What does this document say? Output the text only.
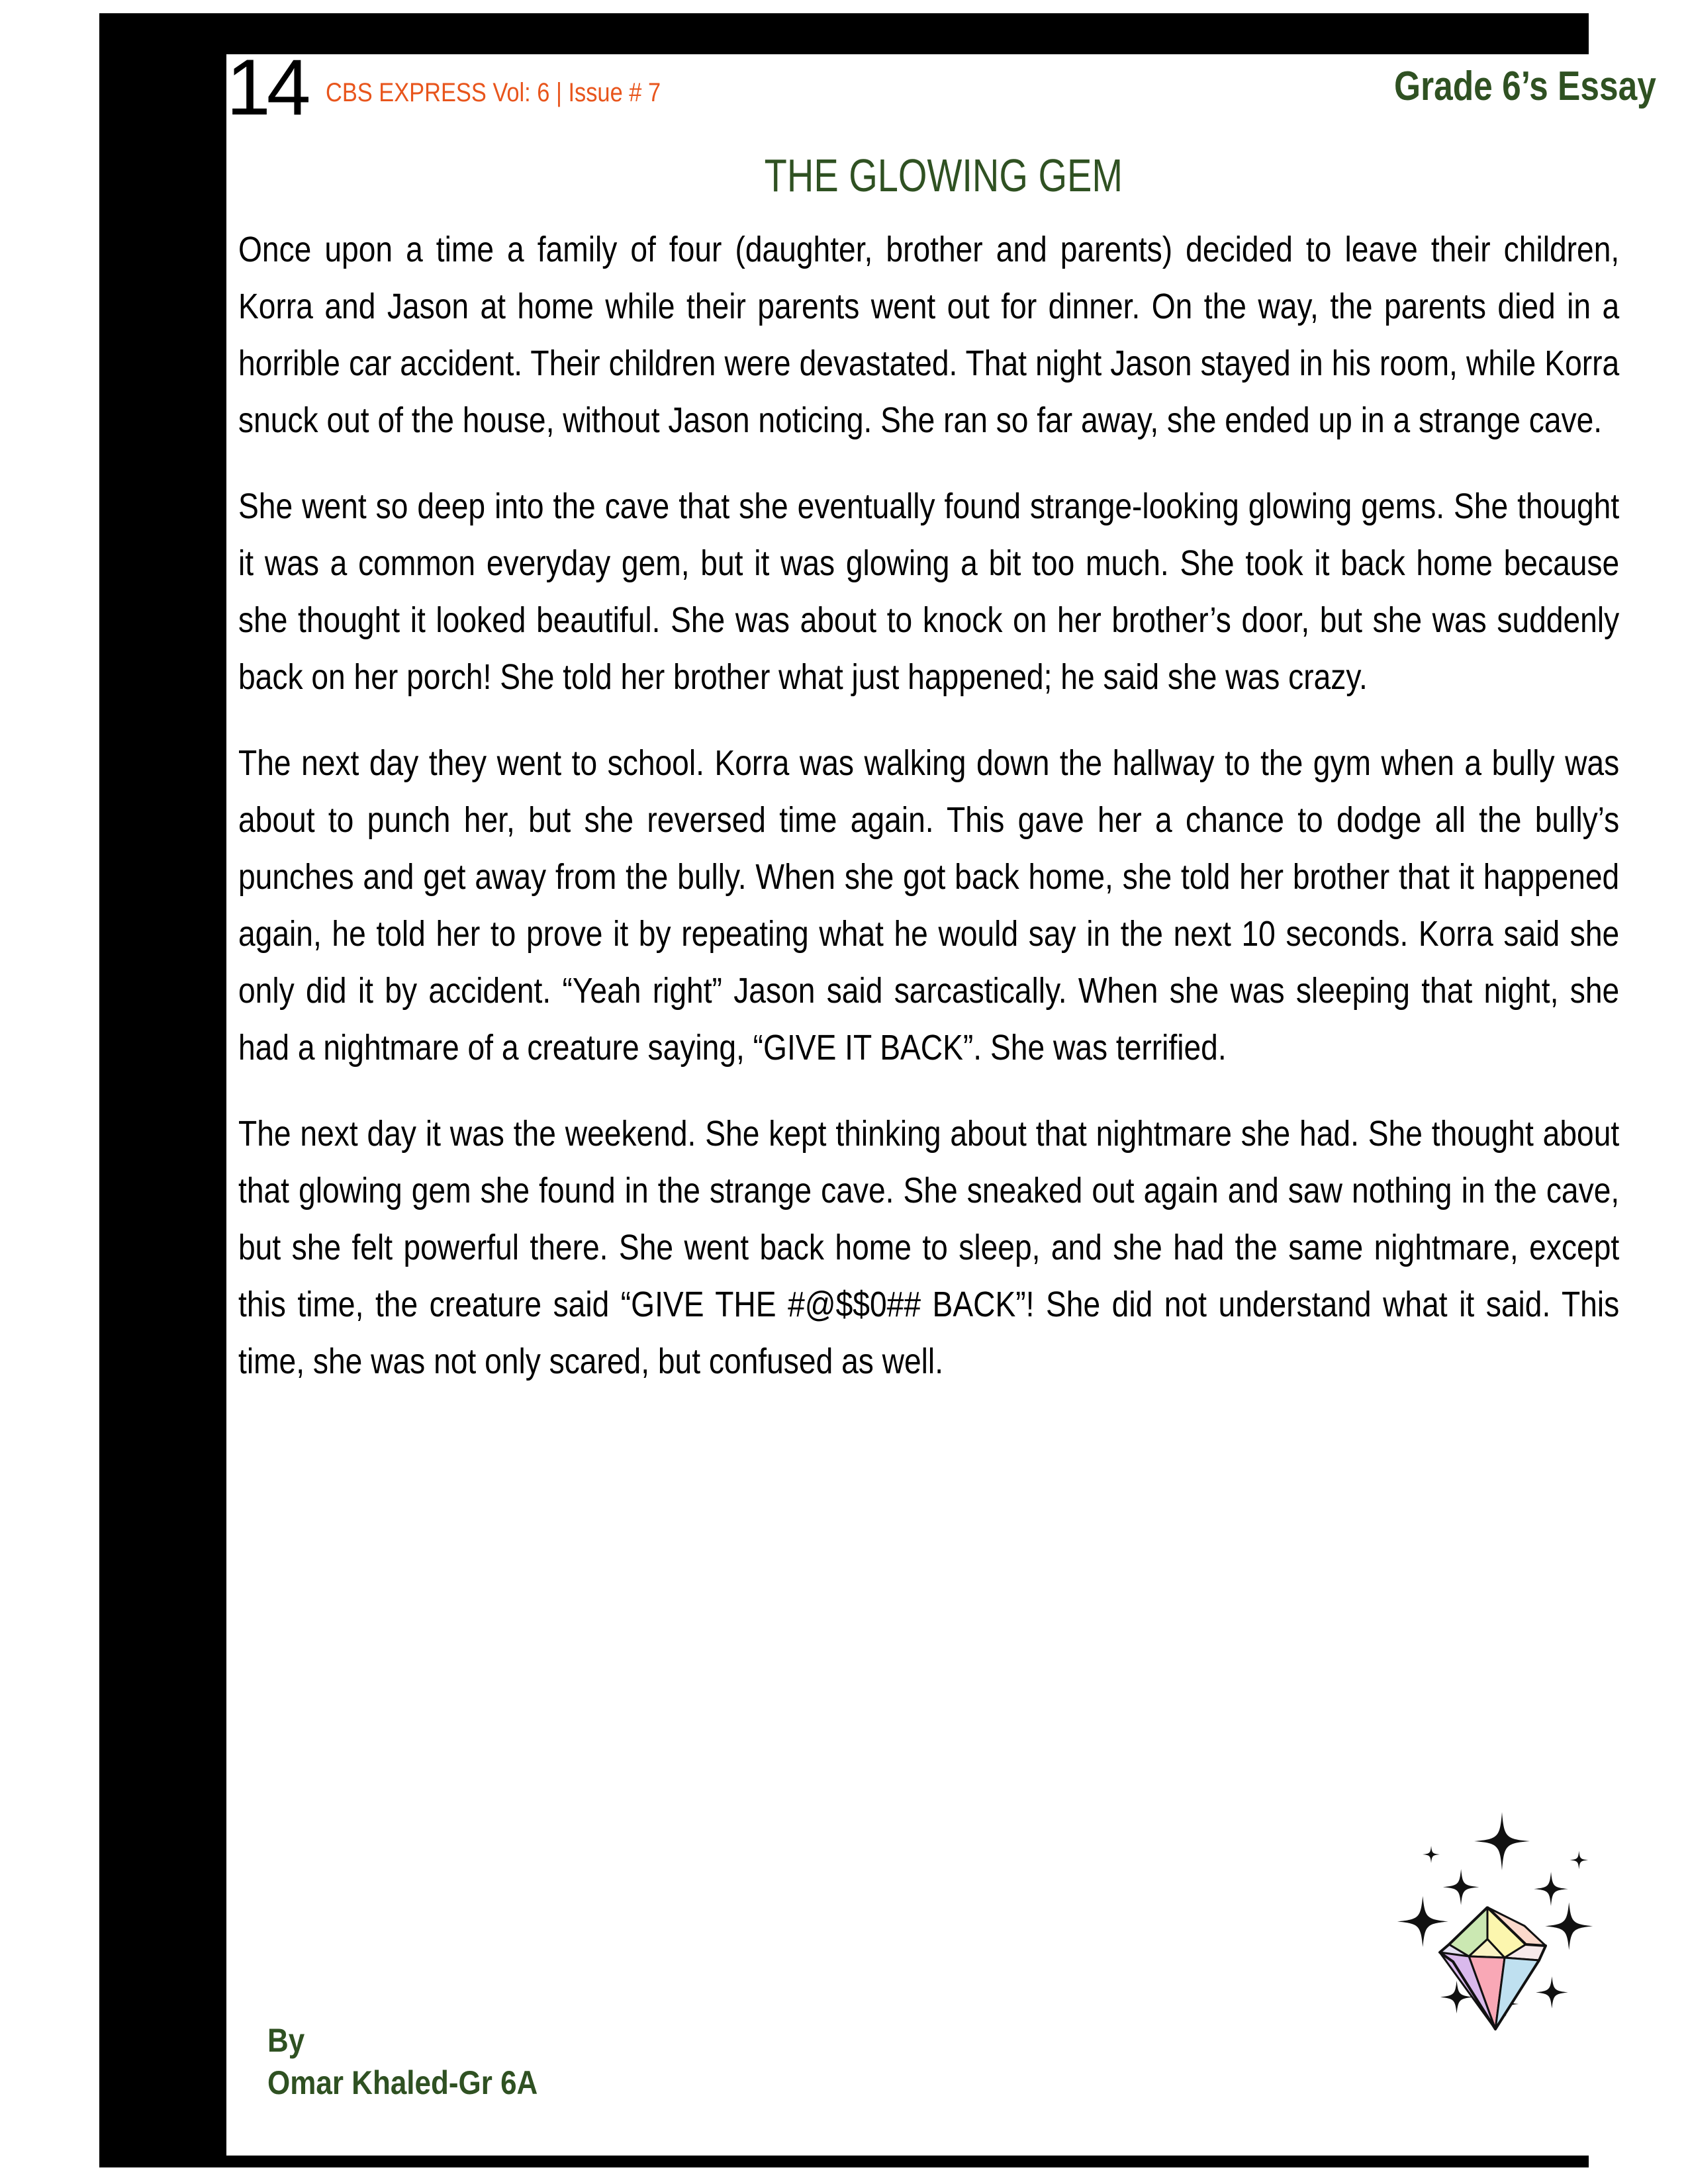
14 CBS EXPRESS Vol: 6 | Issue # 7	Grade 6’s Essay
THE GLOWING GEM

Once upon a time a family of four (daughter, brother and parents) decided to leave their children, Korra and Jason at home while their parents went out for dinner. On the way, the parents died in a horrible car accident. Their children were devastated. That night Jason stayed in his room, while Korra snuck out of the house, without Jason noticing. She ran so far away, she ended up in a strange cave.

She went so deep into the cave that she eventually found strange-looking glowing gems. She thought it was a common everyday gem, but it was glowing a bit too much. She took it back home because she thought it looked beautiful. She was about to knock on her brother’s door, but she was suddenly back on her porch! She told her brother what just happened; he said she was crazy.

The next day they went to school. Korra was walking down the hallway to the gym when a bully was about to punch her, but she reversed time again. This gave her a chance to dodge all the bully’s punches and get away from the bully. When she got back home, she told her brother that it happened again, he told her to prove it by repeating what he would say in the next 10 seconds. Korra said she only did it by accident. “Yeah right” Jason said sarcastically. When she was sleeping that night, she had a nightmare of a creature saying, “GIVE IT BACK”. She was terrified.

The next day it was the weekend. She kept thinking about that nightmare she had. She thought about that glowing gem she found in the strange cave. She sneaked out again and saw nothing in the cave, but she felt powerful there. She went back home to sleep, and she had the same nightmare, except this time, the creature said “GIVE THE #@$$0## BACK”! She did not understand what it said. This time, she was not only scared, but confused as well.

By
Omar Khaled-Gr 6A
